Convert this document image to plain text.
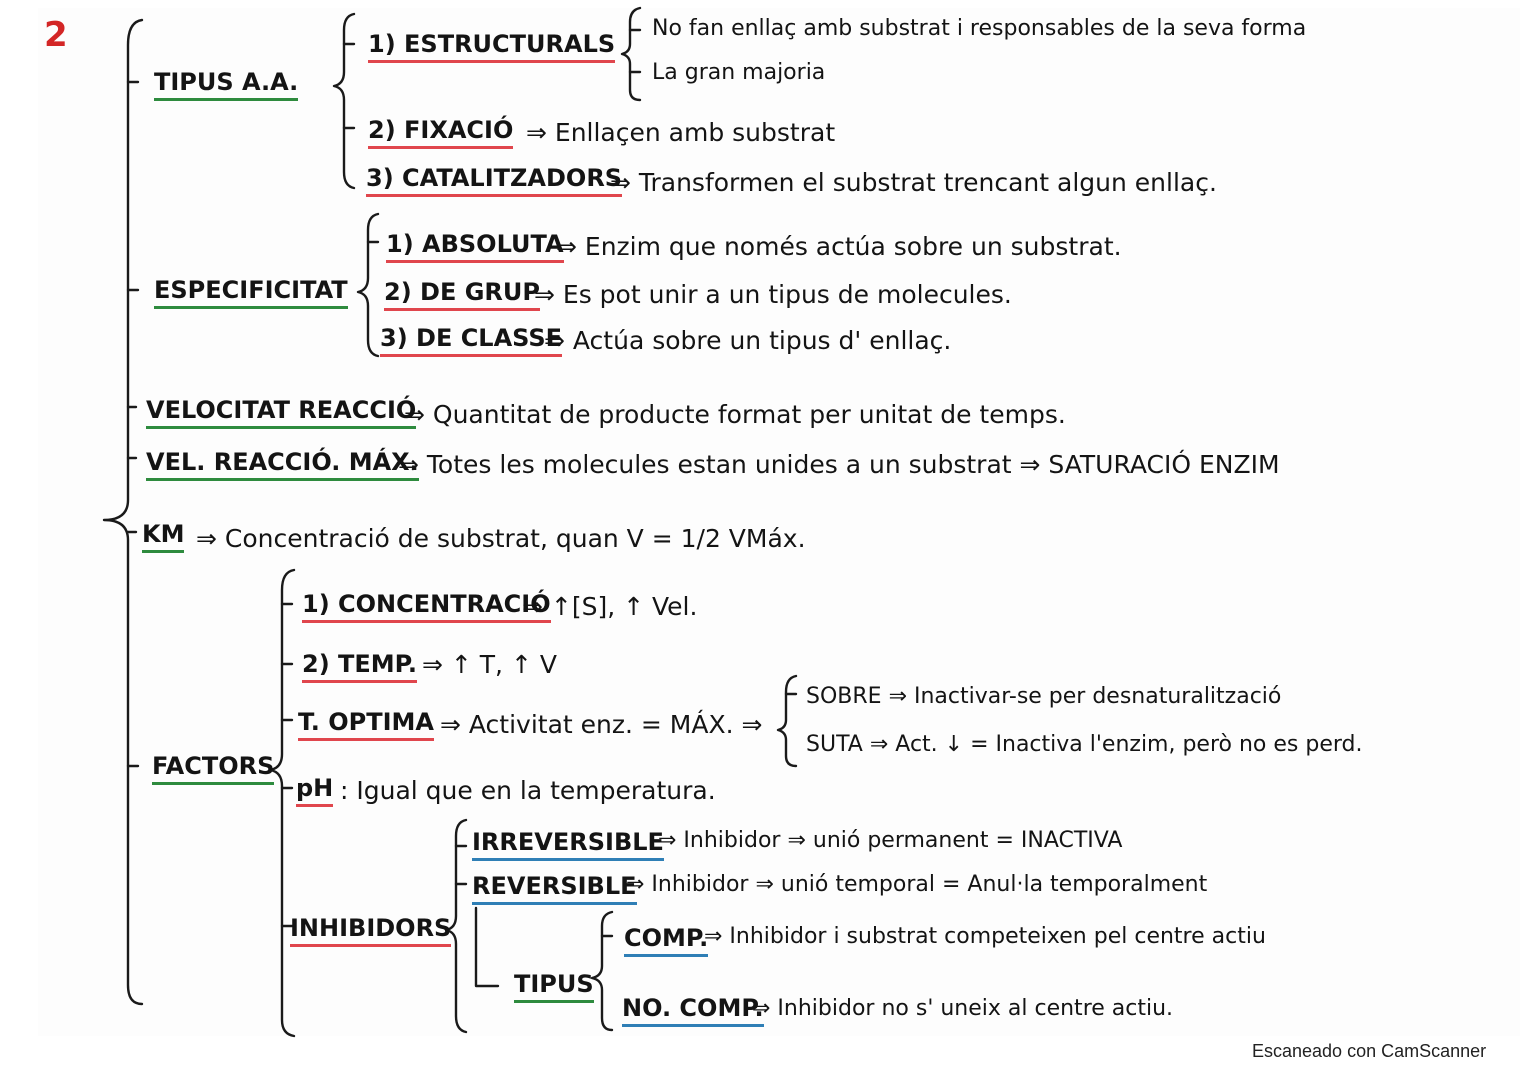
2
TIPUS A.A.
1) ESTRUCTURALS
No fan enllaç amb substrat i responsables de la seva forma
La gran majoria
2) FIXACIÓ ⇒ Enllaçen amb substrat
3) CATALITZADORS
⇒ Transformen el substrat trencant algun enllaç.
ESPECIFICITAT
1) ABSOLUTA
⇒ Enzim que només actúa sobre un substrat.
2) DE GRUP
⇒ Es pot unir a un tipus de molecules.
3) DE CLASSE
⇒ Actúa sobre un tipus d' enllaç.
VELOCITAT REACCIÓ
⇒ Quantitat de producte format per unitat de temps.
VEL. REACCIÓ. MÁX.
⇒ Totes les molecules estan unides a un substrat ⇒ SATURACIÓ ENZIM
KM ⇒ Concentració de substrat, quan V = 1/2 VMáx.
FACTORS
1) CONCENTRACIÓ
⇒ ↑[S], ↑ Vel.
2) TEMP. ⇒ ↑ T, ↑ V
T. OPTIMA ⇒ Activitat enz. = MÁX. ⇒
SOBRE ⇒ Inactivar-se per desnaturalització
SUTA ⇒ Act. ↓ = Inactiva l'enzim, però no es perd.
pH : Igual que en la temperatura.
INHIBIDORS
IRREVERSIBLE
⇒ Inhibidor ⇒ unió permanent = INACTIVA
REVERSIBLE
⇒ Inhibidor ⇒ unió temporal = Anul·la temporalment
TIPUS
COMP.
⇒ Inhibidor i substrat competeixen pel centre actiu
NO. COMP.
⇒ Inhibidor no s' uneix al centre actiu.
Escaneado con CamScanner
